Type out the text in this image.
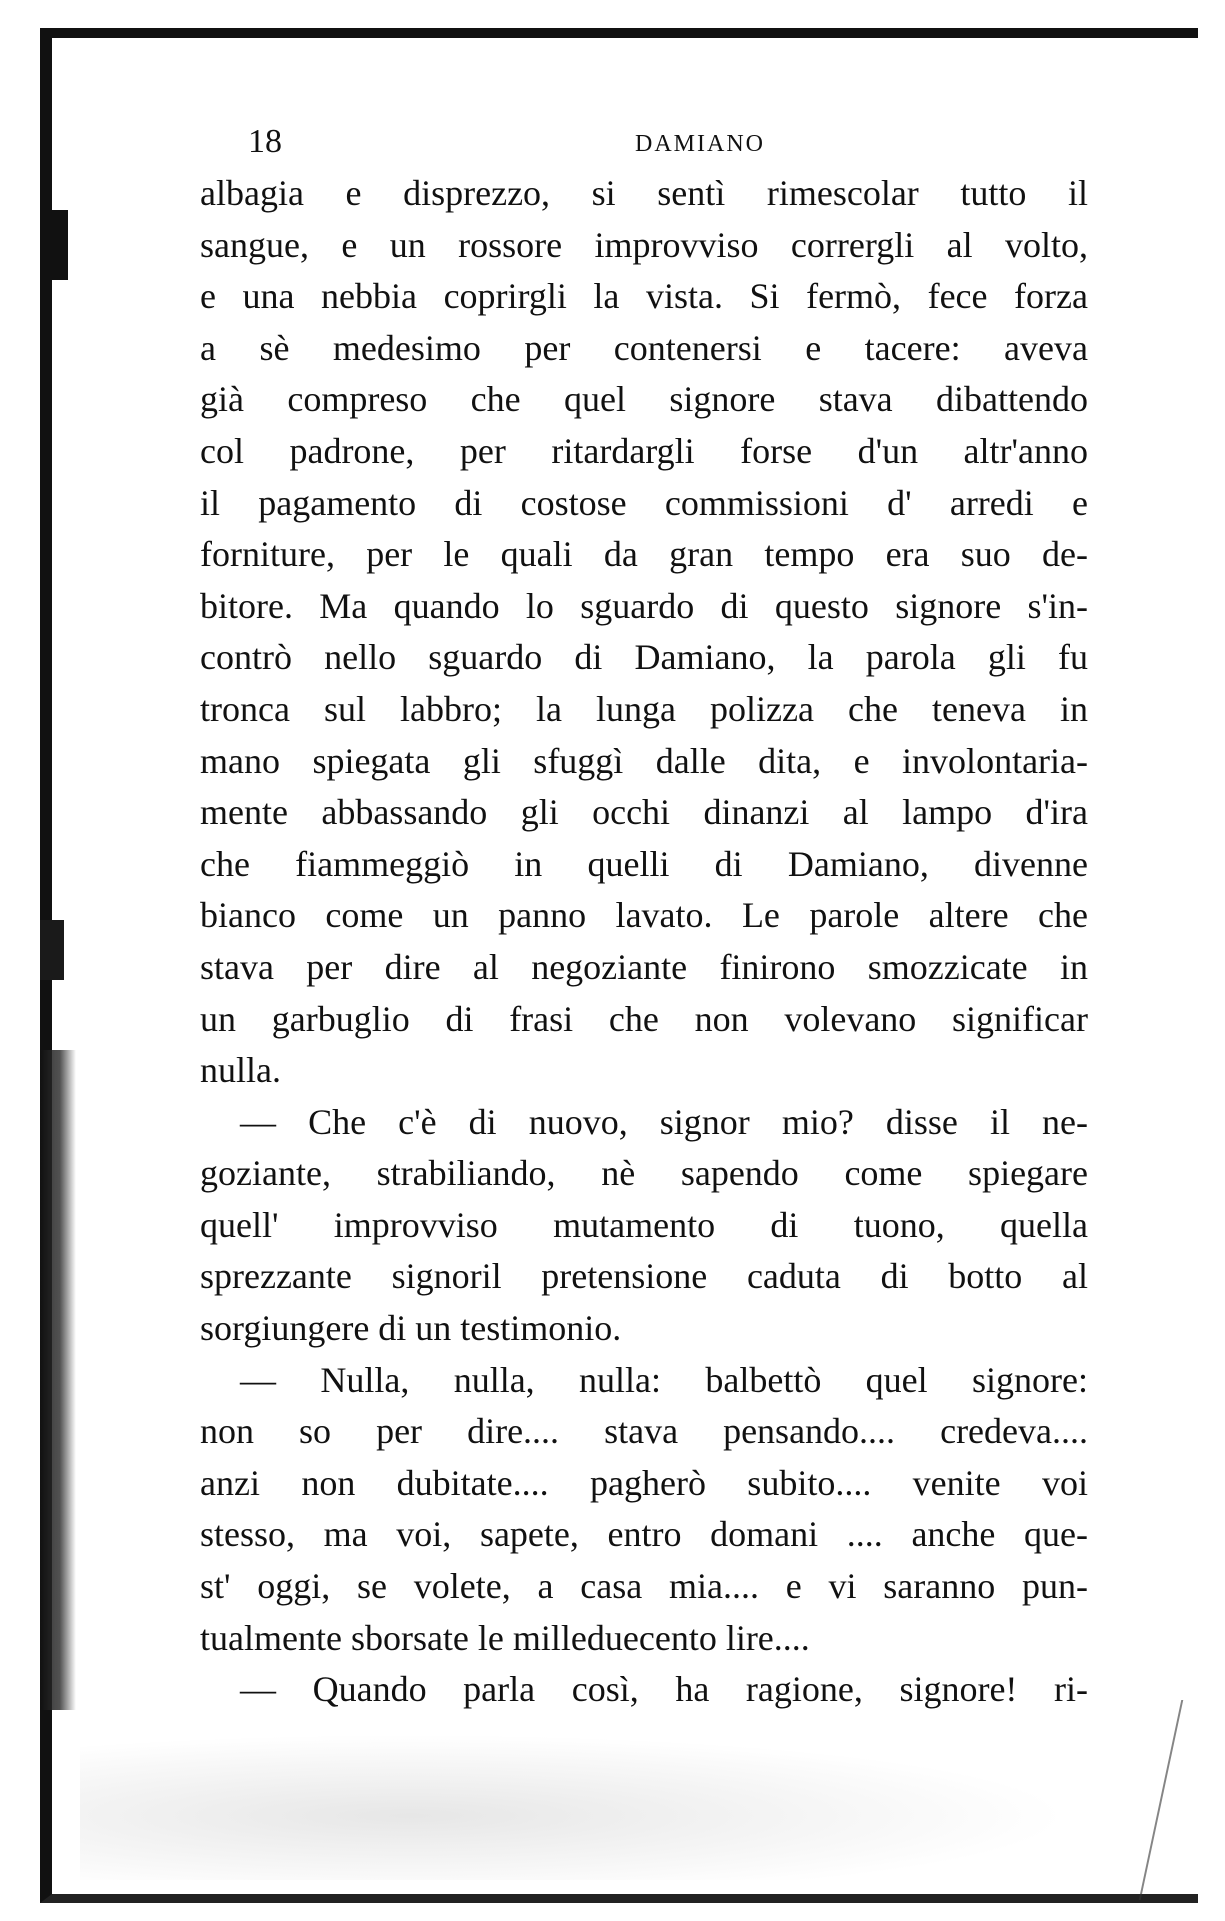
18	DAMIANO
albagia e disprezzo, si sentì rimescolar tutto il
sangue, e un rossore improvviso corrergli al volto,
e una nebbia coprirgli la vista. Si fermò, fece forza
a sè medesimo per contenersi e tacere: aveva
già compreso che quel signore stava dibattendo
col padrone, per ritardargli forse d'un altr'anno
il pagamento di costose commissioni d' arredi e
forniture, per le quali da gran tempo era suo de-
bitore. Ma quando lo sguardo di questo signore s'in-
contrò nello sguardo di Damiano, la parola gli fu
tronca sul labbro; la lunga polizza che teneva in
mano spiegata gli sfuggì dalle dita, e involontaria-
mente abbassando gli occhi dinanzi al lampo d'ira
che fiammeggiò in quelli di Damiano, divenne
bianco come un panno lavato. Le parole altere che
stava per dire al negoziante finirono smozzicate in
un garbuglio di frasi che non volevano significar
nulla.
— Che c'è di nuovo, signor mio? disse il ne-
goziante, strabiliando, nè sapendo come spiegare
quell' improvviso mutamento di tuono, quella
sprezzante signoril pretensione caduta di botto al
sorgiungere di un testimonio.
— Nulla, nulla, nulla: balbettò quel signore:
non so per dire.... stava pensando.... credeva....
anzi non dubitate.... pagherò subito.... venite voi
stesso, ma voi, sapete, entro domani .... anche que-
st' oggi, se volete, a casa mia.... e vi saranno pun-
tualmente sborsate le milleduecento lire....
— Quando parla così, ha ragione, signore! ri-
